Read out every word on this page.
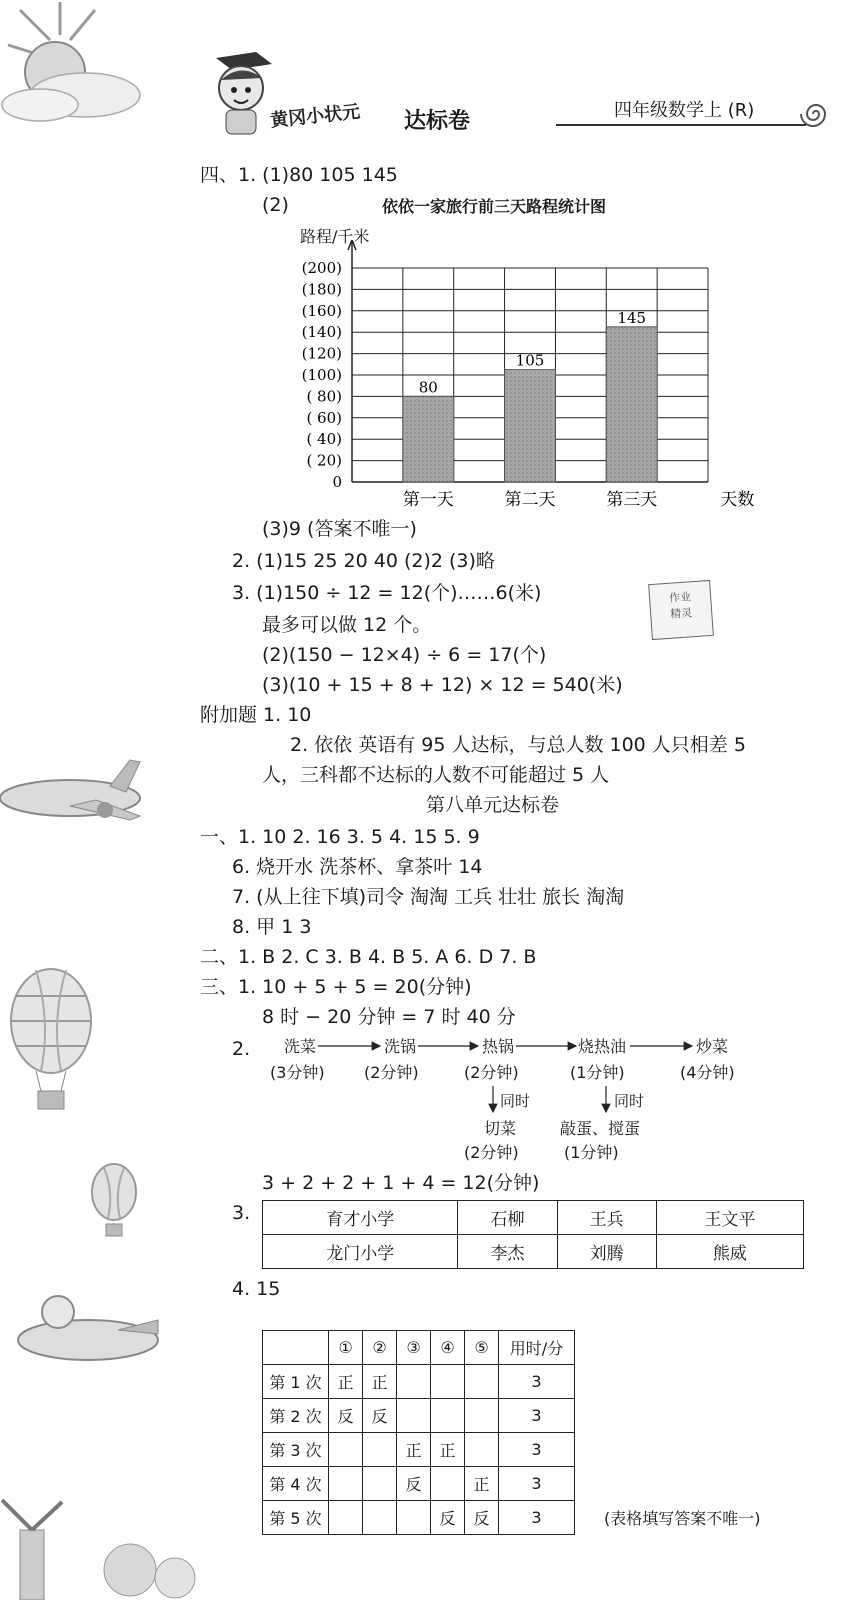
黄冈小状元 达标卷	四年级数学上 (R)
四、1. (1)80 105 145
(2)	依依一家旅行前三天路程统计图
路程/千米
(200)
(180)
(160)
(140)
(120)
(100)
( 80)
( 60)
( 40)
( 20)
0
80
第一天
105
第二天
145
第三天	天数
(3)9 (答案不唯一)
2. (1)15 25 20 40 (2)2 (3)略
3. (1)150 ÷ 12 = 12(个)……6(米)
最多可以做 12 个。
(2)(150 − 12×4) ÷ 6 = 17(个)
(3)(10 + 15 + 8 + 12) × 12 = 540(米)
作业
精灵
附加题 1. 10
2. 依依 英语有 95 人达标，与总人数 100 人只相差 5
人，三科都不达标的人数不可能超过 5 人
第八单元达标卷
一、1. 10 2. 16 3. 5 4. 15 5. 9
6. 烧开水 洗茶杯、拿茶叶 14
7. (从上往下填)司令 淘淘 工兵 壮壮 旅长 淘淘
8. 甲 1 3
二、1. B 2. C 3. B 4. B 5. A 6. D 7. B
三、1. 10 + 5 + 5 = 20(分钟)
8 时 − 20 分钟 = 7 时 40 分
2. 洗菜	洗锅	热锅	烧热油	炒菜
(3分钟) (2分钟)	(2分钟)	(1分钟)	(4分钟)
同时	同时
切菜	敲蛋、搅蛋
(2分钟)	(1分钟)
3 + 2 + 2 + 1 + 4 = 12(分钟)
3.	育才小学	石柳	王兵	王文平
龙门小学	李杰	刘腾	熊威
4. 15
	①	②	③	④	⑤	用时/分
第 1 次	正	正				3
第 2 次	反	反				3
第 3 次			正	正		3
第 4 次			反		正	3
第 5 次				反	反	3	(表格填写答案不唯一)
